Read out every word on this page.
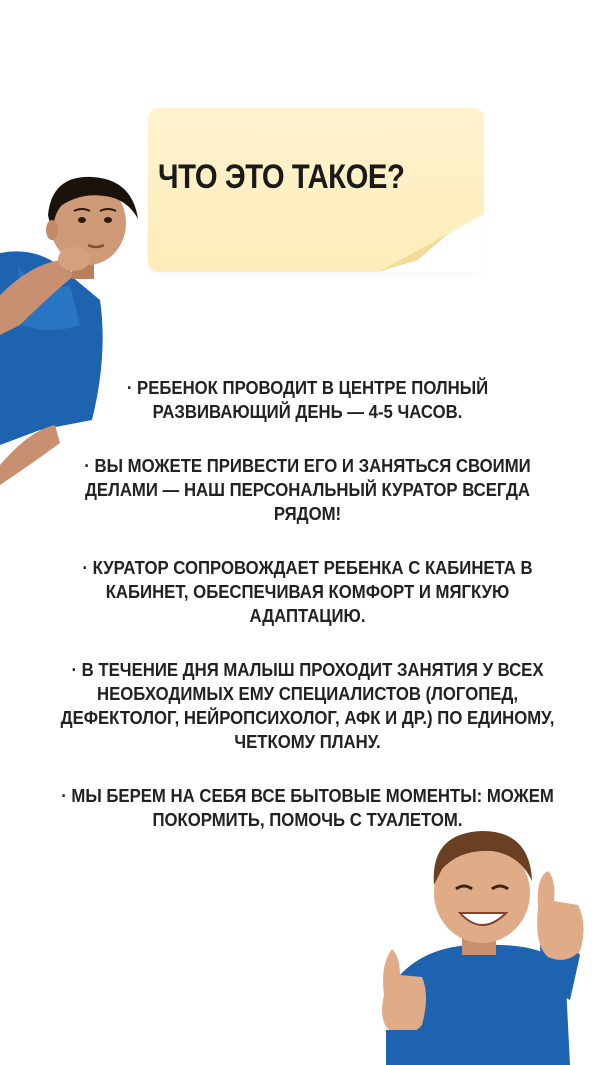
ЧТО ЭТО ТАКОЕ?

· РЕБЕНОК ПРОВОДИТ В ЦЕНТРЕ ПОЛНЫЙ РАЗВИВАЮЩИЙ ДЕНЬ — 4-5 ЧАСОВ.

· ВЫ МОЖЕТЕ ПРИВЕСТИ ЕГО И ЗАНЯТЬСЯ СВОИМИ ДЕЛАМИ — НАШ ПЕРСОНАЛЬНЫЙ КУРАТОР ВСЕГДА РЯДОМ!

· КУРАТОР СОПРОВОЖДАЕТ РЕБЕНКА С КАБИНЕТА В КАБИНЕТ, ОБЕСПЕЧИВАЯ КОМФОРТ И МЯГКУЮ АДАПТАЦИЮ.

· В ТЕЧЕНИЕ ДНЯ МАЛЫШ ПРОХОДИТ ЗАНЯТИЯ У ВСЕХ НЕОБХОДИМЫХ ЕМУ СПЕЦИАЛИСТОВ (ЛОГОПЕД, ДЕФЕКТОЛОГ, НЕЙРОПСИХОЛОГ, АФК И ДР.) ПО ЕДИНОМУ, ЧЕТКОМУ ПЛАНУ.

· МЫ БЕРЕМ НА СЕБЯ ВСЕ БЫТОВЫЕ МОМЕНТЫ: МОЖЕМ ПОКОРМИТЬ, ПОМОЧЬ С ТУАЛЕТОМ.
